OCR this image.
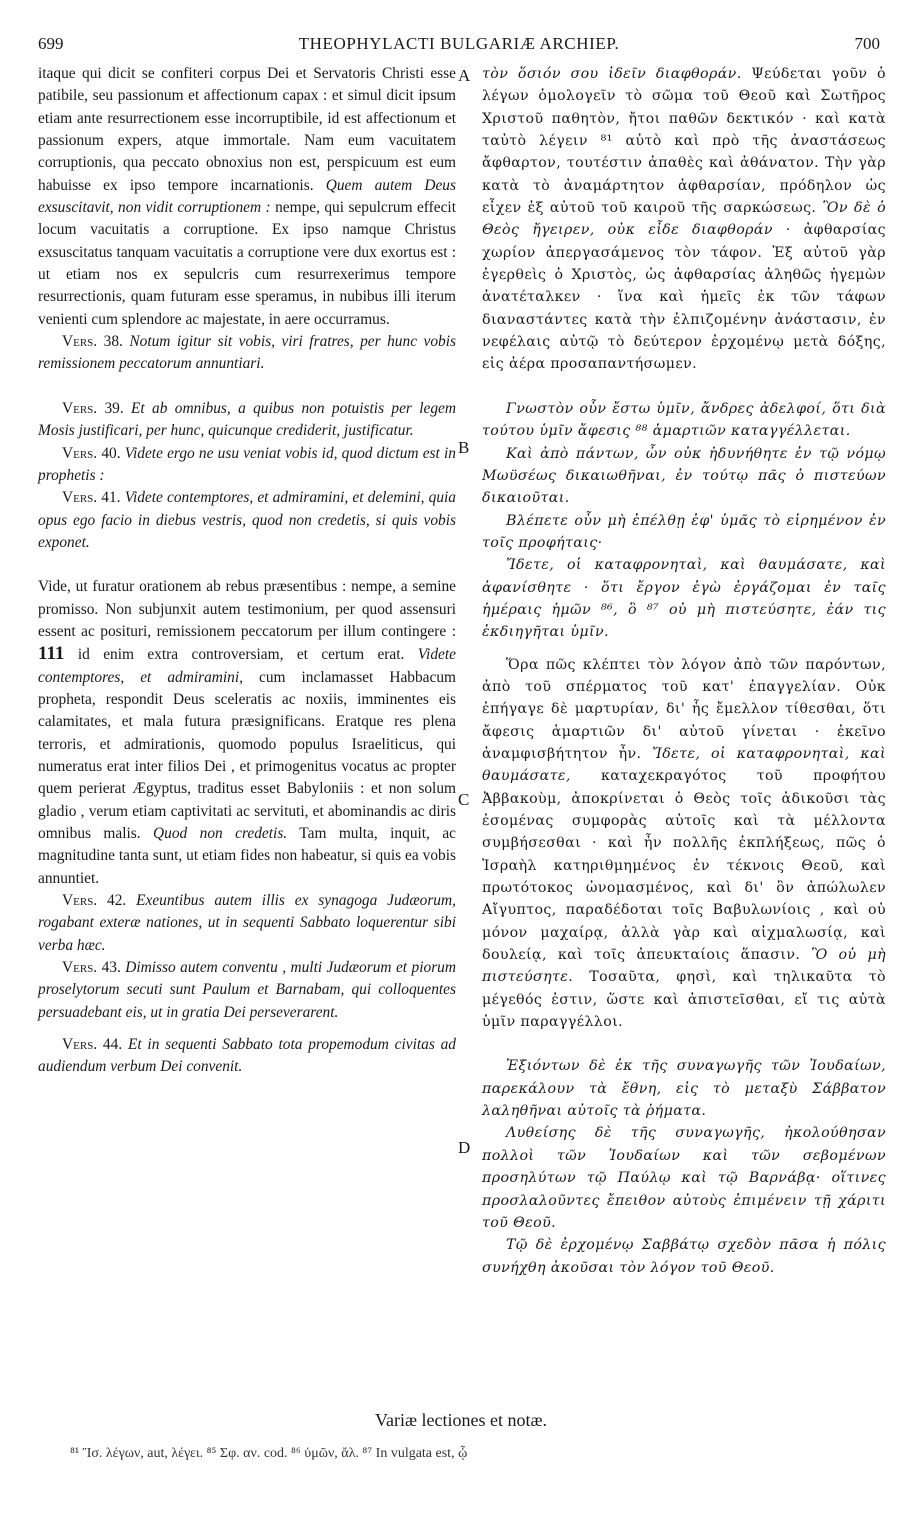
699	THEOPHYLACTI BULGARIÆ ARCHIEP.	700
A
B
C
D

itaque qui dicit se confiteri corpus Dei et Servatoris Christi esse patibile, seu passionum et affectionum capax : et simul dicit ipsum etiam ante resurrectionem esse incorruptibile, id est affectionum et passionum expers, atque immortale. Nam eum vacuitatem corruptionis, qua peccato obnoxius non est, perspicuum est eum habuisse ex ipso tempore incarnationis. Quem autem Deus exsuscitavit, non vidit corruptionem : nempe, qui sepulcrum effecit locum vacuitatis a corruptione. Ex ipso namque Christus exsuscitatus tanquam vacuitatis a corruptione vere dux exortus est : ut etiam nos ex sepulcris cum resurrexerimus tempore resurrectionis, quam futuram esse speramus, in nubibus illi iterum venienti cum splendore ac majestate, in aere occurramus.

Vers. 38. Notum igitur sit vobis, viri fratres, per hunc vobis remissionem peccatorum annuntiari.

Vers. 39. Et ab omnibus, a quibus non potuistis per legem Mosis justificari, per hunc, quicunque crediderit, justificatur.

Vers. 40. Videte ergo ne usu veniat vobis id, quod dictum est in prophetis :

Vers. 41. Videte contemptores, et admiramini, et delemini, quia opus ego facio in diebus vestris, quod non credetis, si quis vobis exponet.

Vide, ut furatur orationem ab rebus præsentibus : nempe, a semine promisso. Non subjunxit autem testimonium, per quod assensuri essent ac posituri, remissionem peccatorum per illum contingere : 111 id enim extra controversiam, et certum erat. Videte contemptores, et admiramini, cum inclamasset Habbacum propheta, respondit Deus sceleratis ac noxiis, imminentes eis calamitates, et mala futura præsignificans. Eratque res plena terroris, et admirationis, quomodo populus Israeliticus, qui numeratus erat inter filios Dei , et primogenitus vocatus ac propter quem perierat Ægyptus, traditus esset Babyloniis : et non solum gladio , verum etiam captivitati ac servituti, et abominandis ac diris omnibus malis. Quod non credetis. Tam multa, inquit, ac magnitudine tanta sunt, ut etiam fides non habeatur, si quis ea vobis annuntiet.

Vers. 42. Exeuntibus autem illis ex synagoga Judæorum, rogabant exteræ nationes, ut in sequenti Sabbato loquerentur sibi verba hæc.

Vers. 43. Dimisso autem conventu , multi Judæorum et piorum proselytorum secuti sunt Paulum et Barnabam, qui colloquentes persuadebant eis, ut in gratia Dei perseverarent.

Vers. 44. Et in sequenti Sabbato tota propemodum civitas ad audiendum verbum Dei convenit.

τὸν ὅσιόν σου ἰδεῖν διαφθοράν. Ψεύδεται γοῦν ὁ λέγων ὁμολογεῖν τὸ σῶμα τοῦ Θεοῦ καὶ Σωτῆρος Χριστοῦ παθητὸν, ἤτοι παθῶν δεκτικόν · καὶ κατὰ ταὐτὸ λέγειν ⁸¹ αὐτὸ καὶ πρὸ τῆς ἀναστάσεως ἄφθαρτον, τουτέστιν ἀπαθὲς καὶ ἀθάνατον. Τὴν γὰρ κατὰ τὸ ἀναμάρτητον ἀφθαρσίαν, πρόδηλον ὡς εἶχεν ἐξ αὐτοῦ τοῦ καιροῦ τῆς σαρκώσεως. Ὃν δὲ ὁ Θεὸς ἤγειρεν, οὐκ εἶδε διαφθοράν · ἀφθαρσίας χωρίον ἀπεργασάμενος τὸν τάφον. Ἐξ αὐτοῦ γὰρ ἐγερθεὶς ὁ Χριστὸς, ὡς ἀφθαρσίας ἀληθῶς ἡγεμὼν ἀνατέταλκεν · ἵνα καὶ ἡμεῖς ἐκ τῶν τάφων διαναστάντες κατὰ τὴν ἐλπιζομένην ἀνάστασιν, ἐν νεφέλαις αὐτῷ τὸ δεύτερον ἐρχομένῳ μετὰ δόξης, εἰς ἀέρα προσαπαντήσωμεν.

Γνωστὸν οὖν ἔστω ὑμῖν, ἄνδρες ἀδελφοί, ὅτι διὰ τούτου ὑμῖν ἄφεσις ⁸⁸ ἁμαρτιῶν καταγγέλλεται.

Καὶ ἀπὸ πάντων, ὧν οὐκ ἠδυνήθητε ἐν τῷ νόμῳ Μωϋσέως δικαιωθῆναι, ἐν τούτῳ πᾶς ὁ πιστεύων δικαιοῦται.

Βλέπετε οὖν μὴ ἐπέλθῃ ἐφ' ὑμᾶς τὸ εἰρημένον ἐν τοῖς προφήταις·

Ἴδετε, οἱ καταφρονηταὶ, καὶ θαυμάσατε, καὶ ἀφανίσθητε · ὅτι ἔργον ἐγὼ ἐργάζομαι ἐν ταῖς ἡμέραις ἡμῶν ⁸⁶, ὃ ⁸⁷ οὐ μὴ πιστεύσητε, ἐάν τις ἐκδιηγῆται ὑμῖν.

Ὅρα πῶς κλέπτει τὸν λόγον ἀπὸ τῶν παρόντων, ἀπὸ τοῦ σπέρματος τοῦ κατ' ἐπαγγελίαν. Οὐκ ἐπήγαγε δὲ μαρτυρίαν, δι' ἧς ἔμελλον τίθεσθαι, ὅτι ἄφεσις ἁμαρτιῶν δι' αὐτοῦ γίνεται · ἐκεῖνο ἀναμφισβήτητον ἦν. Ἴδετε, οἱ καταφρονηταὶ, καὶ θαυμάσατε, καταχεκραγότος τοῦ προφήτου Ἀββακοὺμ, ἀποκρίνεται ὁ Θεὸς τοῖς ἀδικοῦσι τὰς ἐσομένας συμφορὰς αὐτοῖς καὶ τὰ μέλλοντα συμβήσεσθαι · καὶ ἦν πολλῆς ἐκπλήξεως, πῶς ὁ Ἰσραὴλ κατηριθμημένος ἐν τέκνοις Θεοῦ, καὶ πρωτότοκος ὠνομασμένος, καὶ δι' ὃν ἀπώλωλεν Αἴγυπτος, παραδέδοται τοῖς Βαβυλωνίοις , καὶ οὐ μόνον μαχαίρᾳ, ἀλλὰ γὰρ καὶ αἰχμαλωσίᾳ, καὶ δουλείᾳ, καὶ τοῖς ἀπευκταίοις ἅπασιν. Ὃ οὐ μὴ πιστεύσητε. Τοσαῦτα, φησὶ, καὶ τηλικαῦτα τὸ μέγεθός ἐστιν, ὥστε καὶ ἀπιστεῖσθαι, εἴ τις αὐτὰ ὑμῖν παραγγέλλοι.

Ἐξιόντων δὲ ἐκ τῆς συναγωγῆς τῶν Ἰουδαίων, παρεκάλουν τὰ ἔθνη, εἰς τὸ μεταξὺ Σάββατον λαληθῆναι αὐτοῖς τὰ ῥήματα.

Λυθείσης δὲ τῆς συναγωγῆς, ἠκολούθησαν πολλοὶ τῶν Ἰουδαίων καὶ τῶν σεβομένων προσηλύτων τῷ Παύλῳ καὶ τῷ Βαρνάβᾳ· οἵτινες προσλαλοῦντες ἔπειθον αὐτοὺς ἐπιμένειν τῇ χάριτι τοῦ Θεοῦ.

Τῷ δὲ ἐρχομένῳ Σαββάτῳ σχεδὸν πᾶσα ἡ πόλις συνήχθη ἀκοῦσαι τὸν λόγον τοῦ Θεοῦ.

Variæ lectiones et notæ.
⁸¹ Ἴσ. λέγων, aut, λέγει. ⁸⁵ Σφ. αν. cod. ⁸⁶ ὑμῶν, ἄλ. ⁸⁷ In vulgata est, ᾧ
